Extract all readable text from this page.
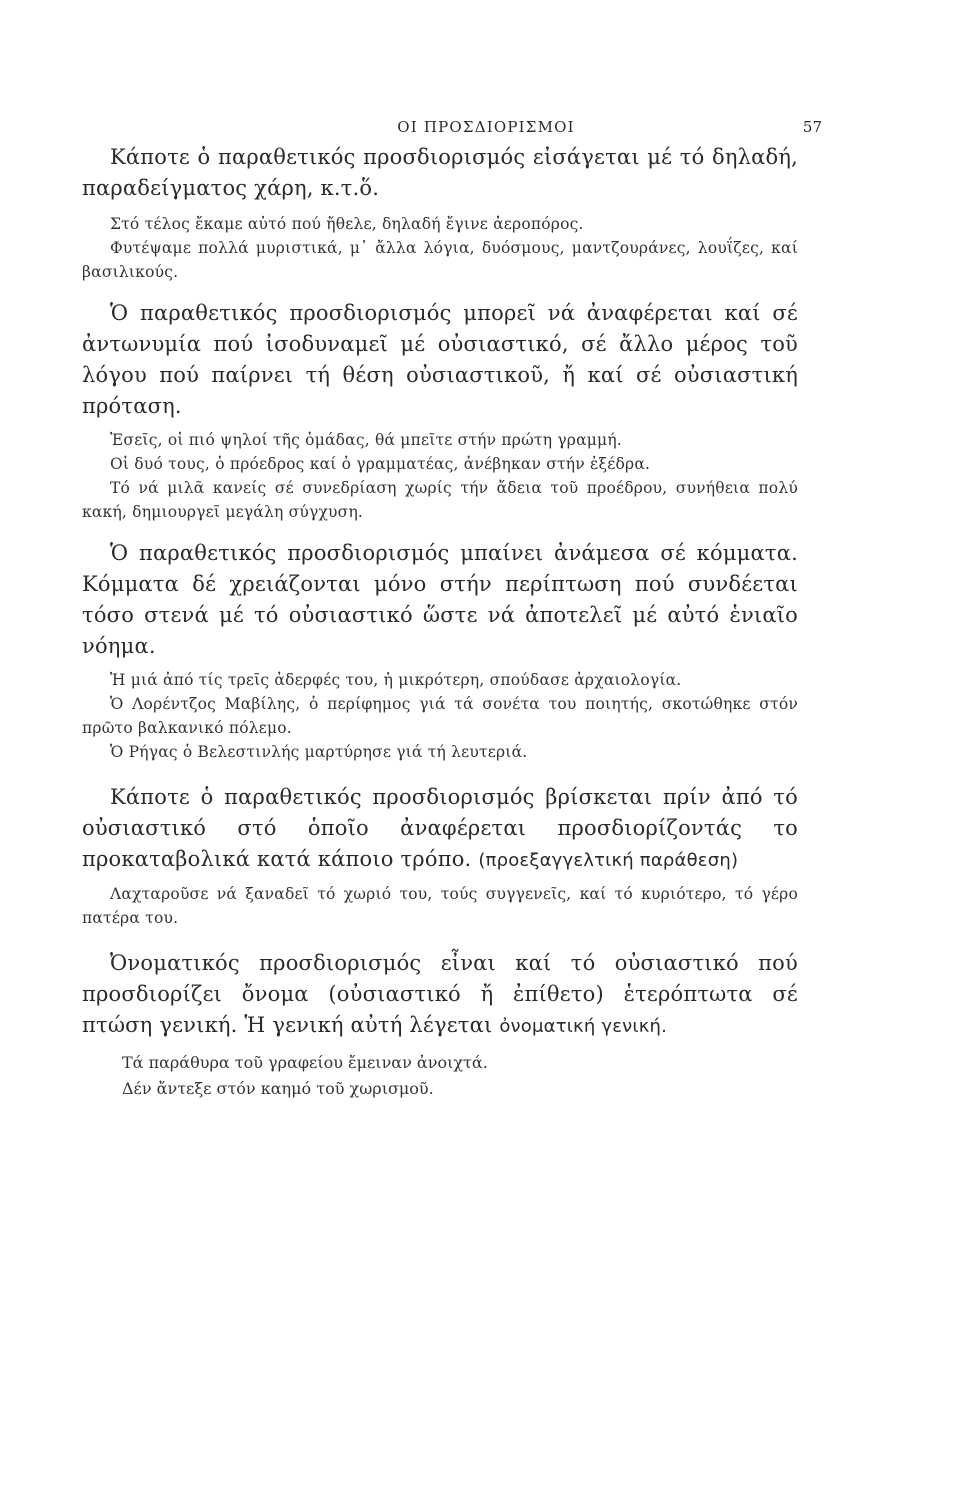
ΟΙ ΠΡΟΣΔΙΟΡΙΣΜΟΙ	57

Κάποτε ὁ παραθετικός προσδιορισμός εἰσάγεται μέ τό δηλαδή, παραδείγματος χάρη, κ.τ.ὅ.

Στό τέλος ἔκαμε αὐτό πού ἤθελε, δηλαδή ἔγινε ἀεροπόρος.

Φυτέψαμε πολλά μυριστικά, μ᾽ ἄλλα λόγια, δυόσμους, μαντζουράνες, λουΐζες, καί βασιλικούς.

Ὁ παραθετικός προσδιορισμός μπορεῖ νά ἀναφέρεται καί σέ ἀντωνυμία πού ἰσοδυναμεῖ μέ οὐσιαστικό, σέ ἄλλο μέρος τοῦ λόγου πού παίρνει τή θέση οὐσιαστικοῦ, ἤ καί σέ οὐσιαστική πρόταση.

Ἐσεῖς, οἱ πιό ψηλοί τῆς ὁμάδας, θά μπεῖτε στήν πρώτη γραμμή.

Οἱ δυό τους, ὁ πρόεδρος καί ὁ γραμματέας, ἀνέβηκαν στήν ἐξέδρα.

Τό νά μιλᾶ κανείς σέ συνεδρίαση χωρίς τήν ἄδεια τοῦ προέδρου, συνήθεια πολύ κακή, δημιουργεῖ μεγάλη σύγχυση.

Ὁ παραθετικός προσδιορισμός μπαίνει ἀνάμεσα σέ κόμματα. Κόμματα δέ χρειάζονται μόνο στήν περίπτωση πού συνδέεται τόσο στενά μέ τό οὐσιαστικό ὥστε νά ἀποτελεῖ μέ αὐτό ἑνιαῖο νόημα.

Ἡ μιά ἀπό τίς τρεῖς ἀδερφές του, ἡ μικρότερη, σπούδασε ἀρχαιολογία.

Ὁ Λορέντζος Μαβίλης, ὁ περίφημος γιά τά σονέτα του ποιητής, σκοτώθηκε στόν πρῶτο βαλκανικό πόλεμο.

Ὁ Ρήγας ὁ Βελεστινλής μαρτύρησε γιά τή λευτεριά.

Κάποτε ὁ παραθετικός προσδιορισμός βρίσκεται πρίν ἀπό τό οὐσιαστικό στό ὁποῖο ἀναφέρεται προσδιορίζοντάς το προκαταβολικά κατά κάποιο τρόπο. (προεξαγγελτική παράθεση)

Λαχταροῦσε νά ξαναδεῖ τό χωριό του, τούς συγγενεῖς, καί τό κυριότερο, τό γέρο πατέρα του.

Ὀνοματικός προσδιορισμός εἶναι καί τό οὐσιαστικό πού προσδιορίζει ὄνομα (οὐσιαστικό ἤ ἐπίθετο) ἑτερόπτωτα σέ πτώση γενική. Ἡ γενική αὐτή λέγεται ὀνοματική γενική.

Τά παράθυρα τοῦ γραφείου ἔμειναν ἀνοιχτά.

Δέν ἄντεξε στόν καημό τοῦ χωρισμοῦ.
